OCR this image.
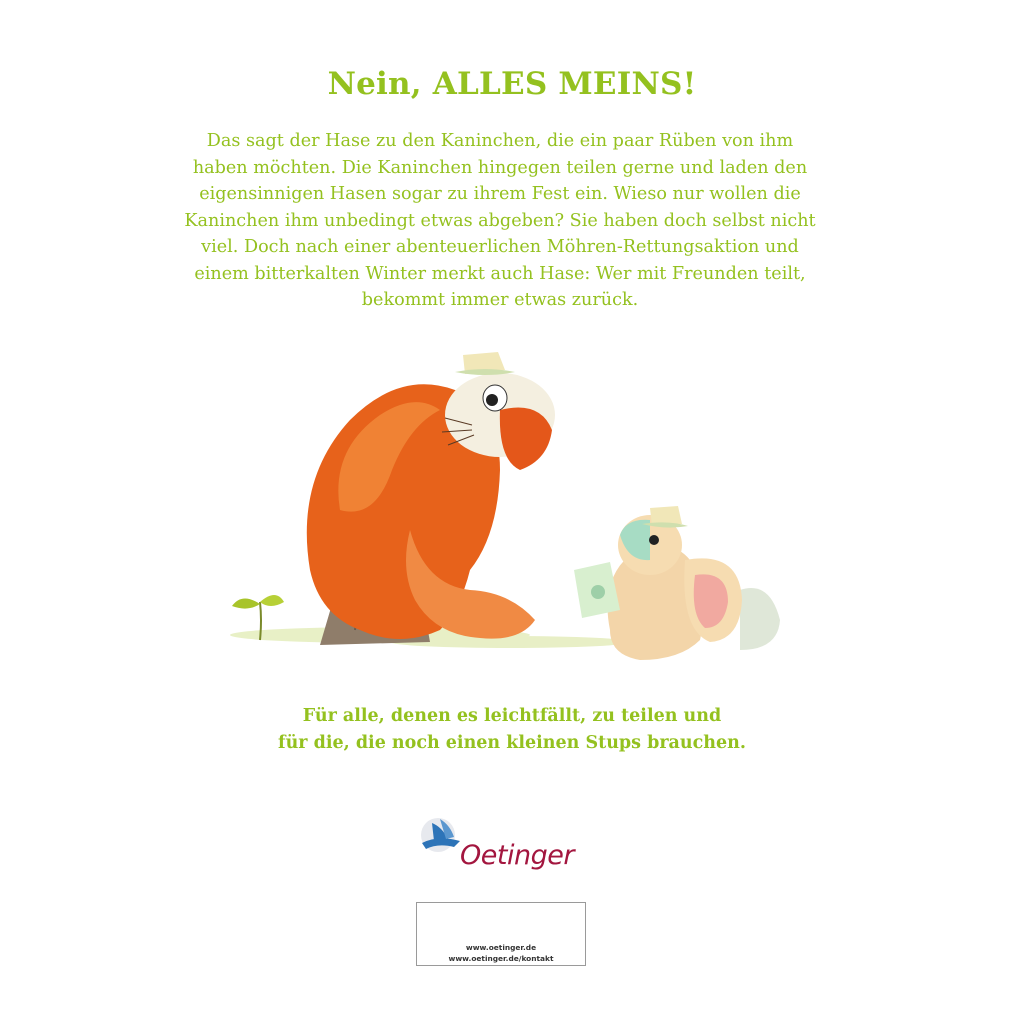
Nein, ALLES MEINS!
Das sagt der Hase zu den Kaninchen, die ein paar Rüben von ihm
haben möchten. Die Kaninchen hingegen teilen gerne und laden den
eigensinnigen Hasen sogar zu ihrem Fest ein. Wieso nur wollen die
Kaninchen ihm unbedingt etwas abgeben? Sie haben doch selbst nicht
viel. Doch nach einer abenteuerlichen Möhren-Rettungsaktion und
einem bitterkalten Winter merkt auch Hase: Wer mit Freunden teilt,
bekommt immer etwas zurück.
Für alle, denen es leichtfällt, zu teilen und
für die, die noch einen kleinen Stups brauchen.
Oetinger
www.oetinger.de
www.oetinger.de/kontakt
